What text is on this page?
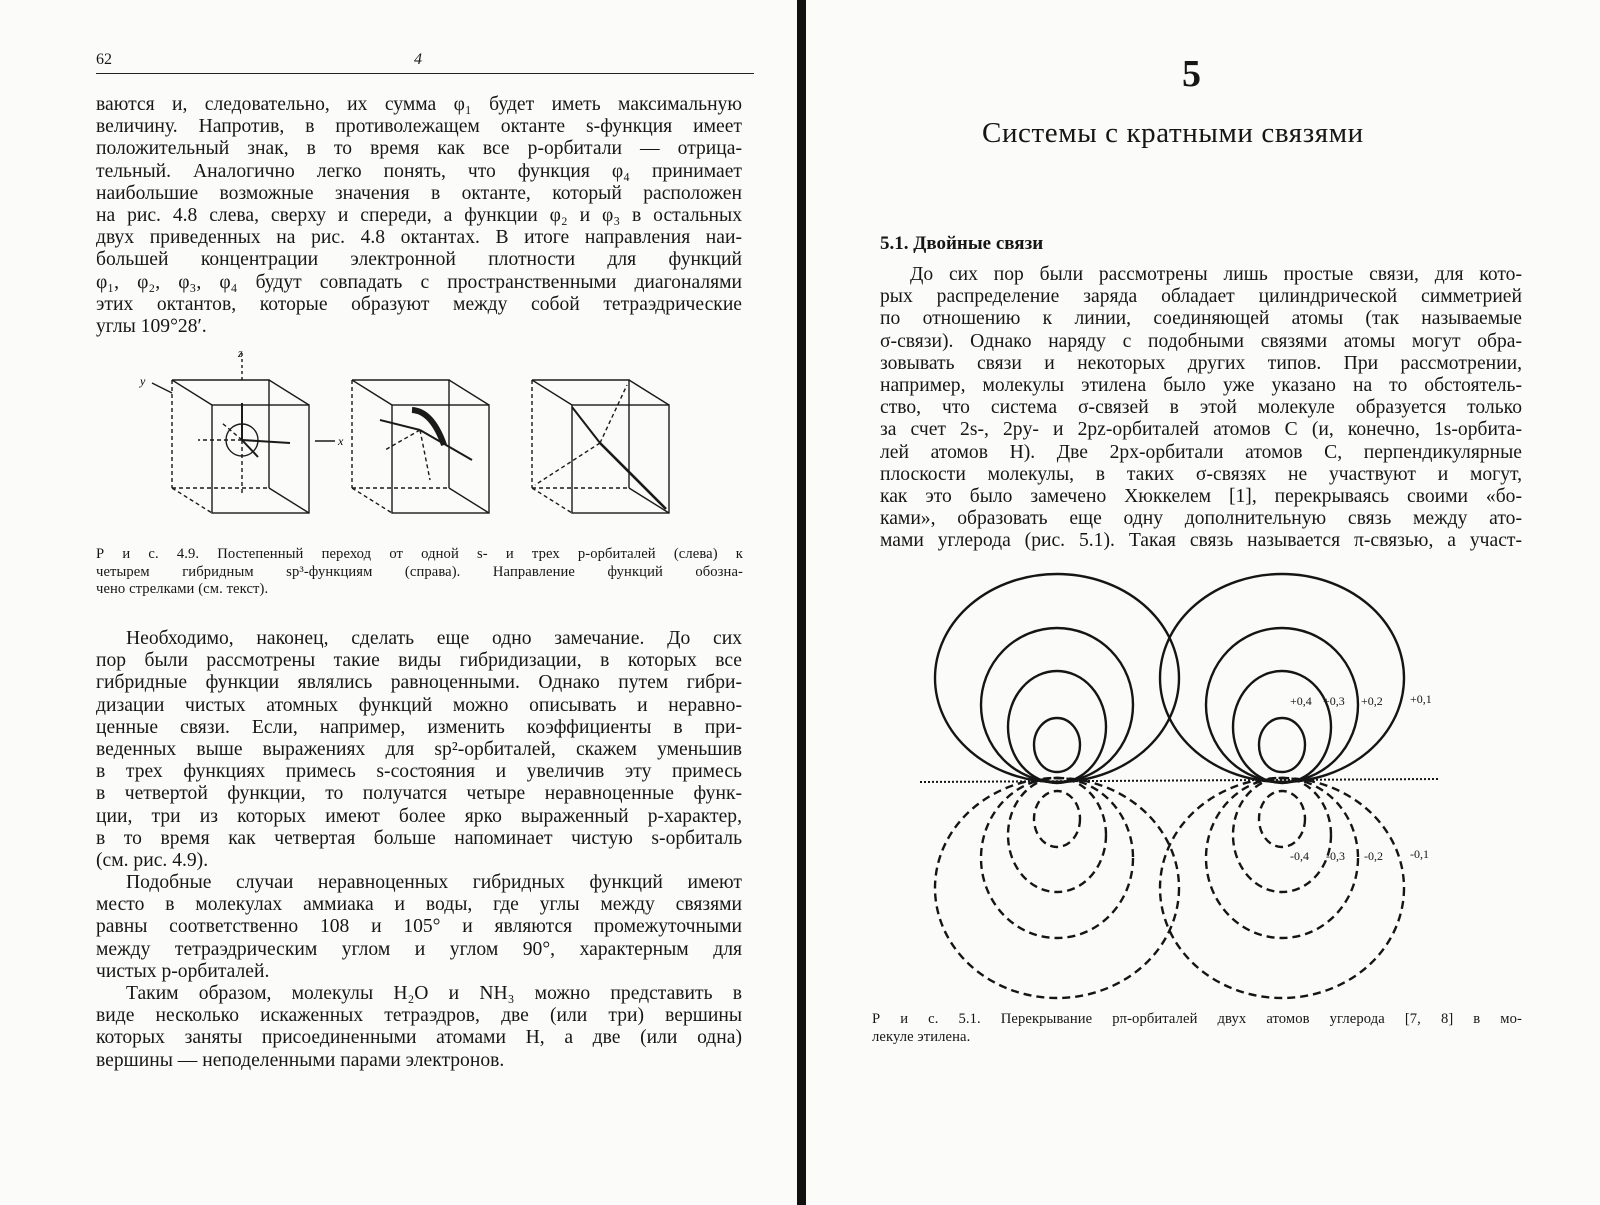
62	4
ваются и, следовательно, их сумма φ₁ будет иметь максимальную
величину. Напротив, в противолежащем октанте s-функция имеет
положительный знак, в то время как все p-орбитали — отрица-
тельный. Аналогично легко понять, что функция φ₄ принимает
наибольшие возможные значения в октанте, который расположен
на рис. 4.8 слева, сверху и спереди, а функции φ₂ и φ₃ в остальных
двух приведенных на рис. 4.8 октантах. В итоге направления наи-
большей концентрации электронной плотности для функций
φ₁, φ₂, φ₃, φ₄ будут совпадать с пространственными диагоналями
этих октантов, которые образуют между собой тетраэдрические
углы 109°28′.
z
y
x
Р и с. 4.9. Постепенный переход от одной s- и трех p-орбиталей (слева) к
четырем гибридным sp³-функциям (справа). Направление функций обозна-
чено стрелками (см. текст).
Необходимо, наконец, сделать еще одно замечание. До сих
пор были рассмотрены такие виды гибридизации, в которых все
гибридные функции являлись равноценными. Однако путем гибри-
дизации чистых атомных функций можно описывать и неравно-
ценные связи. Если, например, изменить коэффициенты в при-
веденных выше выражениях для sp²-орбиталей, скажем уменьшив
в трех функциях примесь s-состояния и увеличив эту примесь
в четвертой функции, то получатся четыре неравноценные функ-
ции, три из которых имеют более ярко выраженный p-характер,
в то время как четвертая больше напоминает чистую s-орбиталь
(см. рис. 4.9).
Подобные случаи неравноценных гибридных функций имеют
место в молекулах аммиака и воды, где углы между связями
равны соответственно 108 и 105° и являются промежуточными
между тетраэдрическим углом и углом 90°, характерным для
чистых p-орбиталей.
Таким образом, молекулы H₂O и NH₃ можно представить в
виде несколько искаженных тетраэдров, две (или три) вершины
которых заняты присоединенными атомами H, а две (или одна)
вершины — неподеленными парами электронов.
5
Системы с кратными связями
5.1. Двойные связи
До сих пор были рассмотрены лишь простые связи, для кото-
рых распределение заряда обладает цилиндрической симметрией
по отношению к линии, соединяющей атомы (так называемые
σ-связи). Однако наряду с подобными связями атомы могут обра-
зовывать связи и некоторых других типов. При рассмотрении,
например, молекулы этилена было уже указано на то обстоятель-
ство, что система σ-связей в этой молекуле образуется только
за счет 2s-, 2py- и 2pz-орбиталей атомов С (и, конечно, 1s-орбита-
лей атомов Н). Две 2px-орбитали атомов С, перпендикулярные
плоскости молекулы, в таких σ-связях не участвуют и могут,
как это было замечено Хюккелем [1], перекрываясь своими «бо-
ками», образовать еще одну дополнительную связь между ато-
мами углерода (рис. 5.1). Такая связь называется π-связью, а участ-
+0,4 +0,3 +0,2 +0,1
-0,4 -0,3 -0,2 -0,1
Р и с. 5.1. Перекрывание pπ-орбиталей двух атомов углерода [7, 8] в мо-
лекуле этилена.
